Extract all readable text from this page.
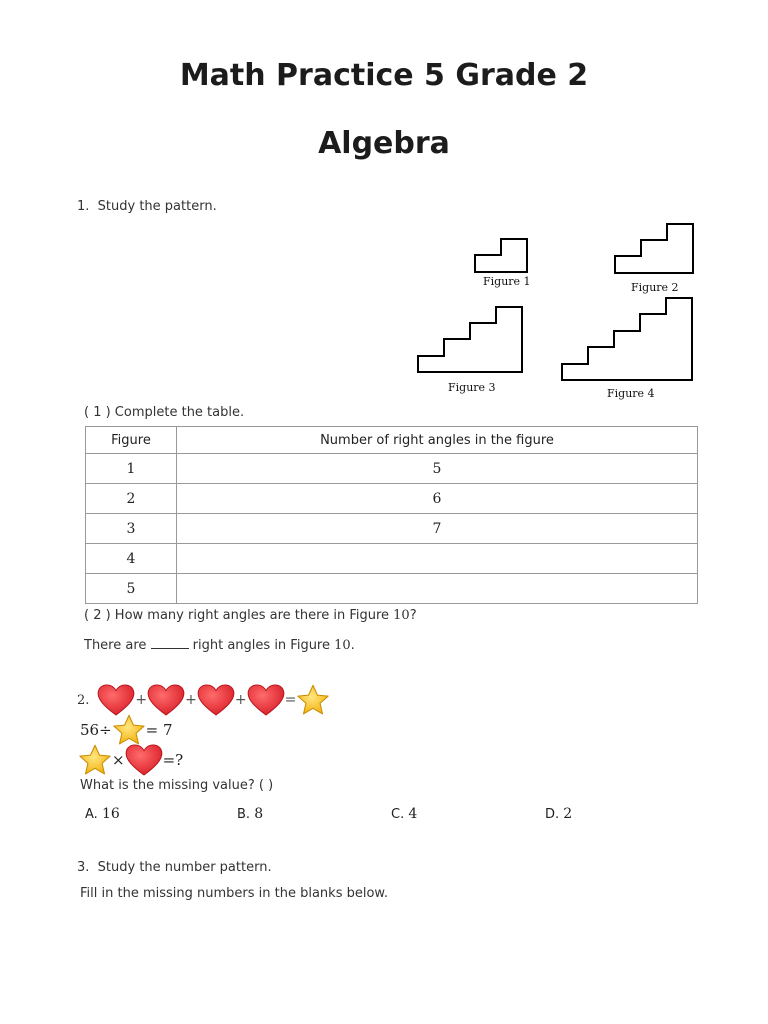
Math Practice 5 Grade 2
Algebra
1. Study the pattern.
Figure 1	Figure 2
Figure 3	Figure 4
( 1 ) Complete the table.
Figure	Number of right angles in the figure
1	5
2	6
3	7
4	
5	
( 2 ) How many right angles are there in Figure 10?
There are	right angles in Figure 10.
2.	+	+	+	=
56 ÷ = 7
×	=?
What is the missing value? ( )
A. 16	B. 8	C. 4	D. 2
3. Study the number pattern.
Fill in the missing numbers in the blanks below.
